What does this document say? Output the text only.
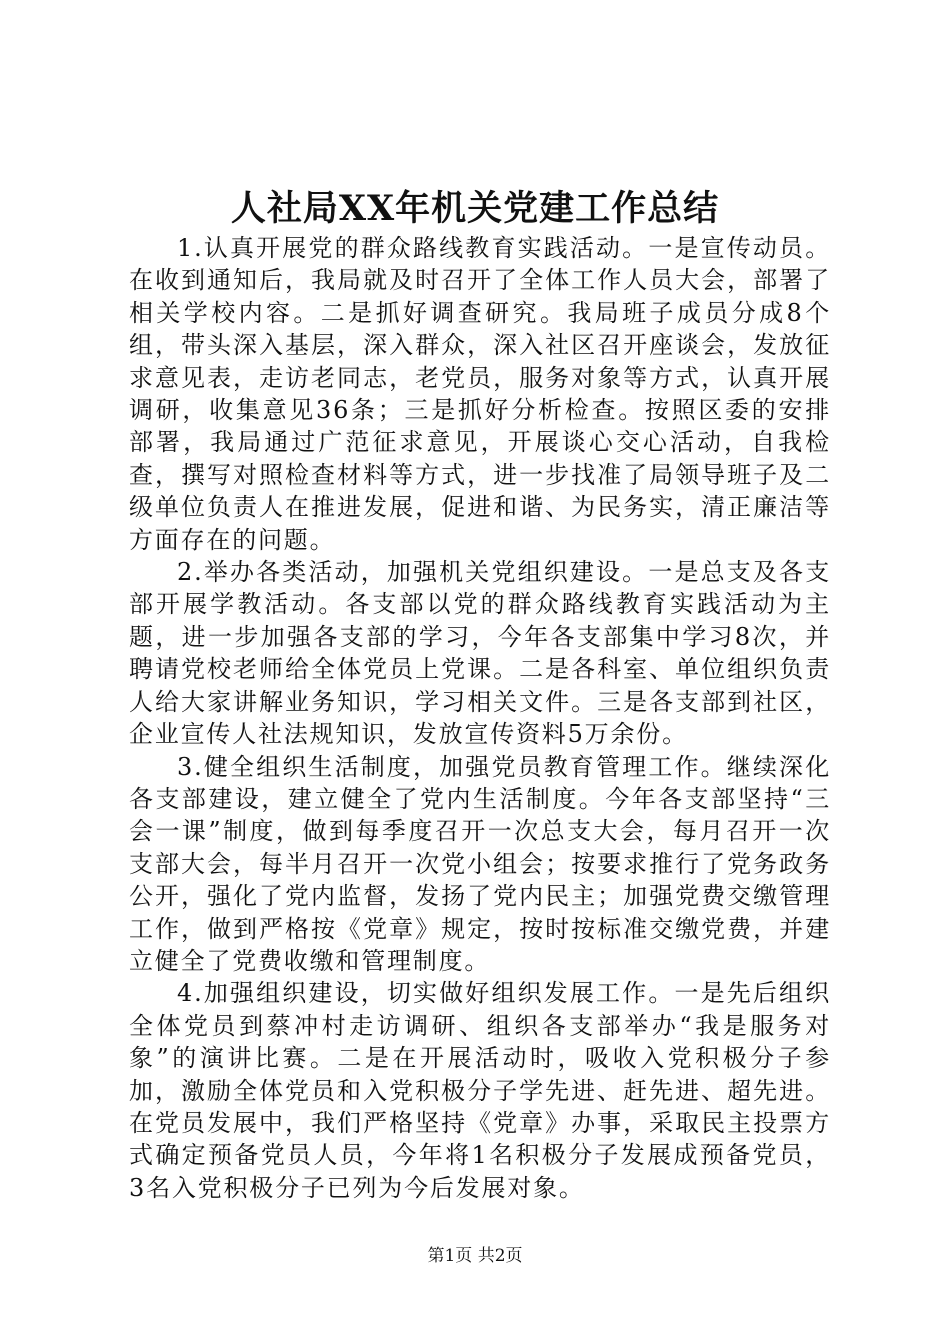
人社局XX年机关党建工作总结

1.认真开展党的群众路线教育实践活动。一是宣传动员。在收到通知后，我局就及时召开了全体工作人员大会，部署了相关学校内容。二是抓好调查研究。我局班子成员分成8个组，带头深入基层，深入群众，深入社区召开座谈会，发放征求意见表，走访老同志，老党员，服务对象等方式，认真开展调研，收集意见36条；三是抓好分析检查。按照区委的安排部署，我局通过广范征求意见，开展谈心交心活动，自我检查，撰写对照检查材料等方式，进一步找准了局领导班子及二级单位负责人在推进发展，促进和谐、为民务实，清正廉洁等方面存在的问题。

2.举办各类活动，加强机关党组织建设。一是总支及各支部开展学教活动。各支部以党的群众路线教育实践活动为主题，进一步加强各支部的学习，今年各支部集中学习8次，并聘请党校老师给全体党员上党课。二是各科室、单位组织负责人给大家讲解业务知识，学习相关文件。三是各支部到社区，企业宣传人社法规知识，发放宣传资料5万余份。

3.健全组织生活制度，加强党员教育管理工作。继续深化各支部建设，建立健全了党内生活制度。今年各支部坚持“三会一课”制度，做到每季度召开一次总支大会，每月召开一次支部大会，每半月召开一次党小组会；按要求推行了党务政务公开，强化了党内监督，发扬了党内民主；加强党费交缴管理工作，做到严格按《党章》规定，按时按标准交缴党费，并建立健全了党费收缴和管理制度。

4.加强组织建设，切实做好组织发展工作。一是先后组织全体党员到蔡冲村走访调研、组织各支部举办“我是服务对象”的演讲比赛。二是在开展活动时，吸收入党积极分子参加，激励全体党员和入党积极分子学先进、赶先进、超先进。在党员发展中，我们严格坚持《党章》办事，采取民主投票方式确定预备党员人员，今年将1名积极分子发展成预备党员，3名入党积极分子已列为今后发展对象。

第1页 共2页
